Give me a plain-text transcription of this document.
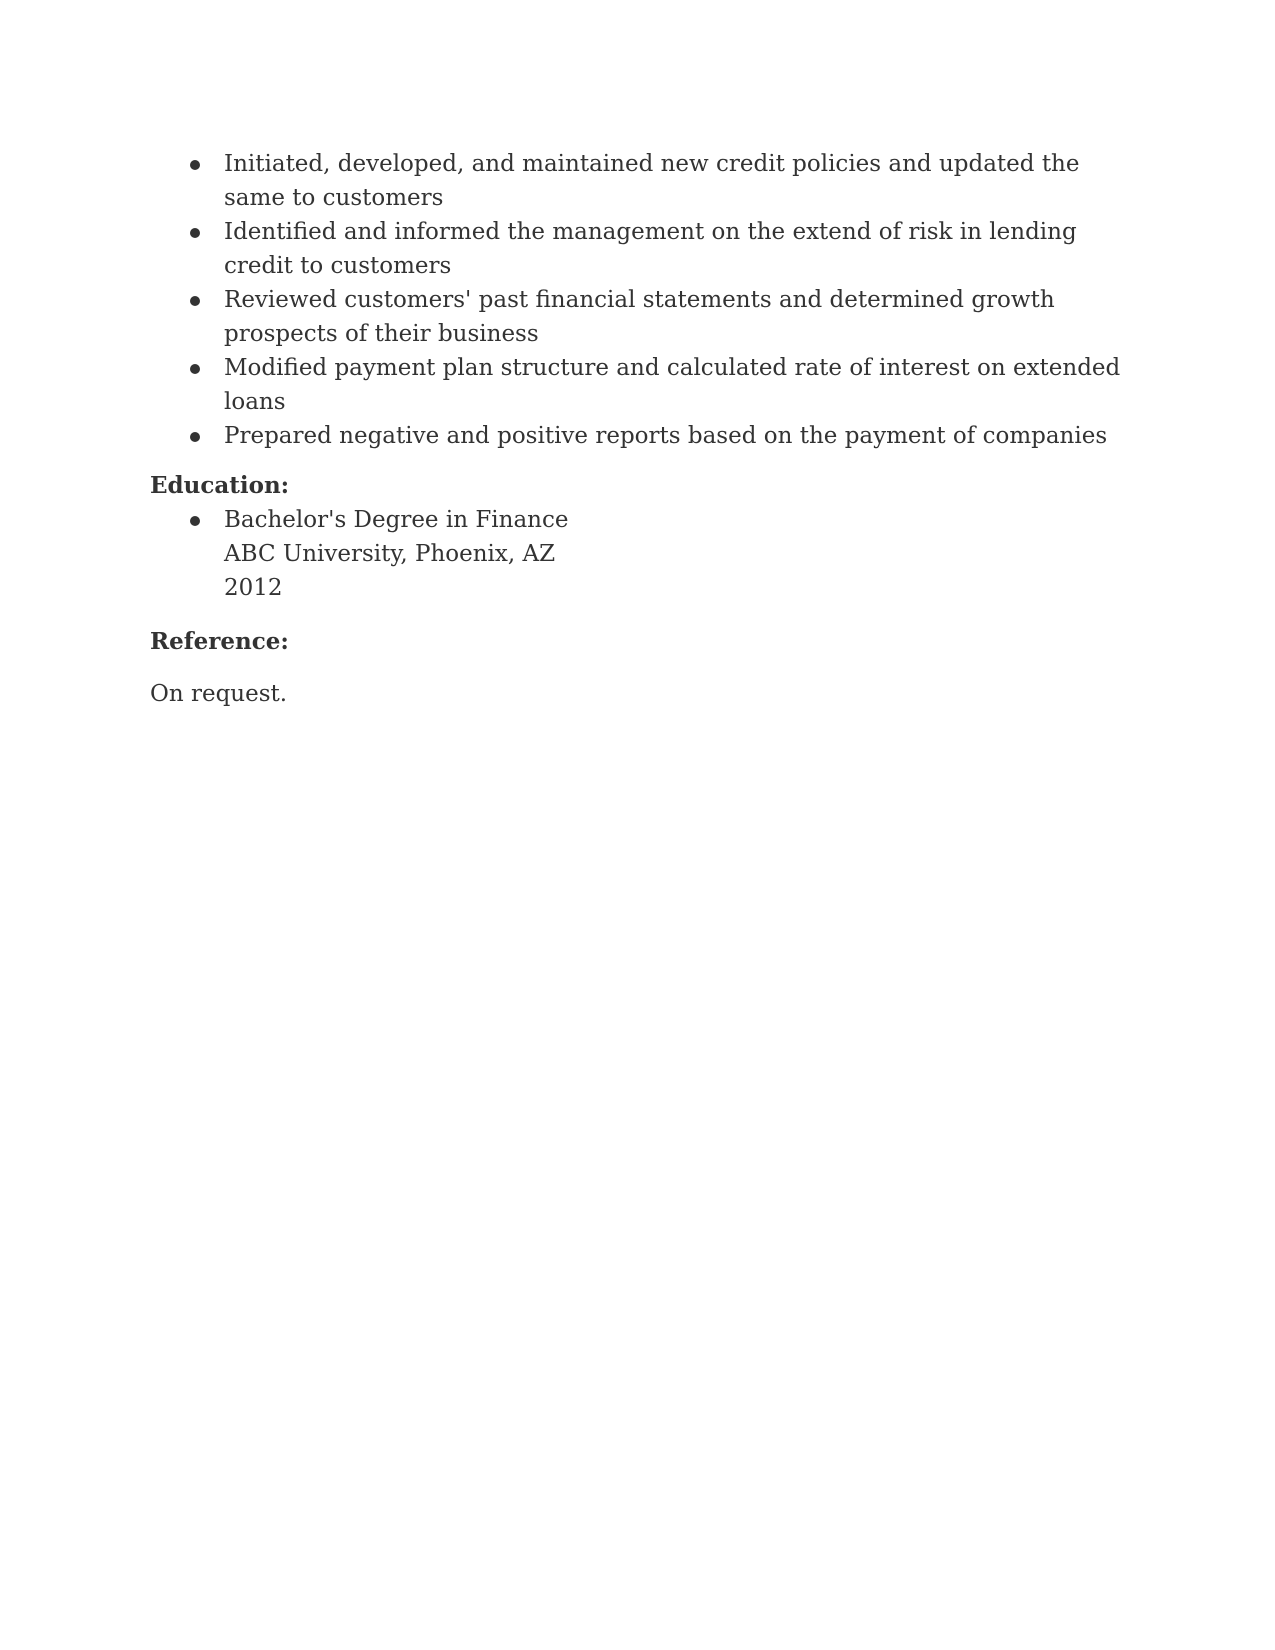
Initiated, developed, and maintained new credit policies and updated the same to customers
Identified and informed the management on the extend of risk in lending credit to customers
Reviewed customers' past financial statements and determined growth prospects of their business
Modified payment plan structure and calculated rate of interest on extended loans
Prepared negative and positive reports based on the payment of companies
Education:
Bachelor's Degree in Finance
ABC University, Phoenix, AZ
2012
Reference:
On request.
